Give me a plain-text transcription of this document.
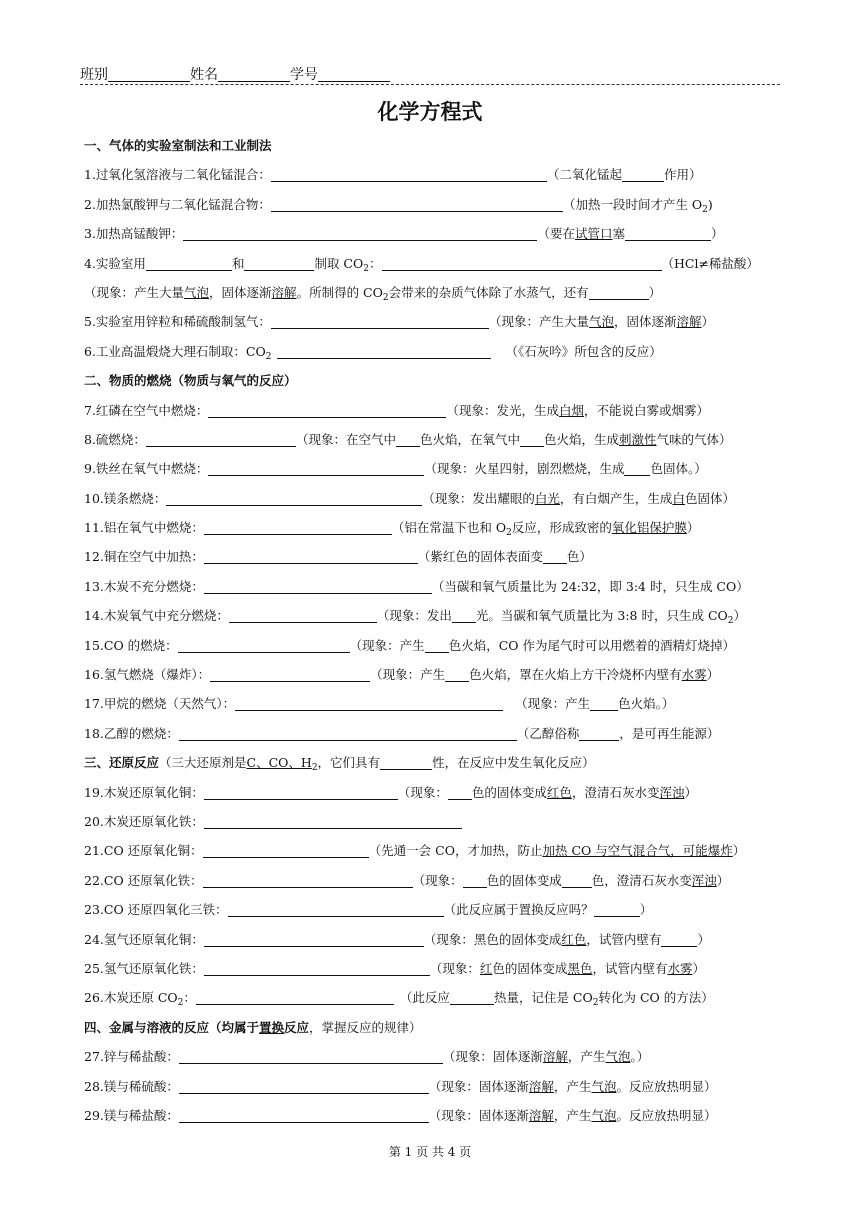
班别	姓名	学号
化学方程式
一、气体的实验室制法和工业制法
1.过氧化氢溶液与二氧化锰混合：	（二氧化锰起	作用）
2.加热氯酸钾与二氧化锰混合物：	（加热一段时间才产生 $O_2$)
3.加热高锰酸钾：	（要在试管口塞	）
4.实验室用	和	制取 $CO_2$：	（HCl≠稀盐酸）
（现象：产生大量气泡，固体逐渐溶解。所制得的 $CO_2$会带来的杂质气体除了水蒸气，还有	）
5.实验室用锌粒和稀硫酸制氢气：	（现象：产生大量气泡，固体逐渐溶解）
6.工业高温煅烧大理石制取：$CO_2$	（《石灰吟》所包含的反应）
二、物质的燃烧（物质与氧气的反应）
7.红磷在空气中燃烧：	（现象：发光，生成白烟，不能说白雾或烟雾）
8.硫燃烧：	（现象：在空气中 色火焰，在氧气中 色火焰，生成刺激性气味的气体）
9.铁丝在氧气中燃烧：	（现象：火星四射，剧烈燃烧，生成 色固体。）
10.镁条燃烧：	（现象：发出耀眼的白光，有白烟产生，生成白色固体）
11.铝在氧气中燃烧：	（铝在常温下也和 $O_2$反应，形成致密的氧化铝保护膜）
12.铜在空气中加热：	（紫红色的固体表面变 色）
13.木炭不充分燃烧：	（当碳和氧气质量比为 24:32，即 3:4 时，只生成 CO）
14.木炭氧气中充分燃烧：	（现象：发出 光。当碳和氧气质量比为 3:8 时，只生成 $CO_2$）
15.CO 的燃烧：	（现象：产生 色火焰，CO 作为尾气时可以用燃着的酒精灯烧掉）
16.氢气燃烧（爆炸）：	（现象：产生 色火焰，罩在火焰上方干冷烧杯内壁有水雾）
17.甲烷的燃烧（天然气）：	（现象：产生 色火焰。）
18.乙醇的燃烧：	（乙醇俗称	，是可再生能源）
三、还原反应（三大还原剂是C、CO、$H_2$，它们具有	性，在反应中发生氧化反应）
19.木炭还原氧化铜：	（现象： 色的固体变成红色，澄清石灰水变浑浊）
20.木炭还原氧化铁：
21.CO 还原氧化铜：	（先通一会 CO，才加热，防止加热 CO 与空气混合气，可能爆炸）
22.CO 还原氧化铁：	（现象： 色的固体变成 色，澄清石灰水变浑浊）
23.CO 还原四氧化三铁：	（此反应属于置换反应吗？	）
24.氢气还原氧化铜：	（现象：黑色的固体变成红色，试管内壁有	）
25.氢气还原氧化铁：	（现象：红色的固体变成黑色，试管内壁有水雾）
26.木炭还原 $CO_2$：	（此反应	热量，记住是 $CO_2$转化为 CO 的方法）
四、金属与溶液的反应（均属于置换反应，掌握反应的规律）
27.锌与稀盐酸：	（现象：固体逐渐溶解，产生气泡。）
28.镁与稀硫酸：	（现象：固体逐渐溶解，产生气泡。反应放热明显）
29.镁与稀盐酸：	（现象：固体逐渐溶解，产生气泡。反应放热明显）
第 1 页 共 4 页
